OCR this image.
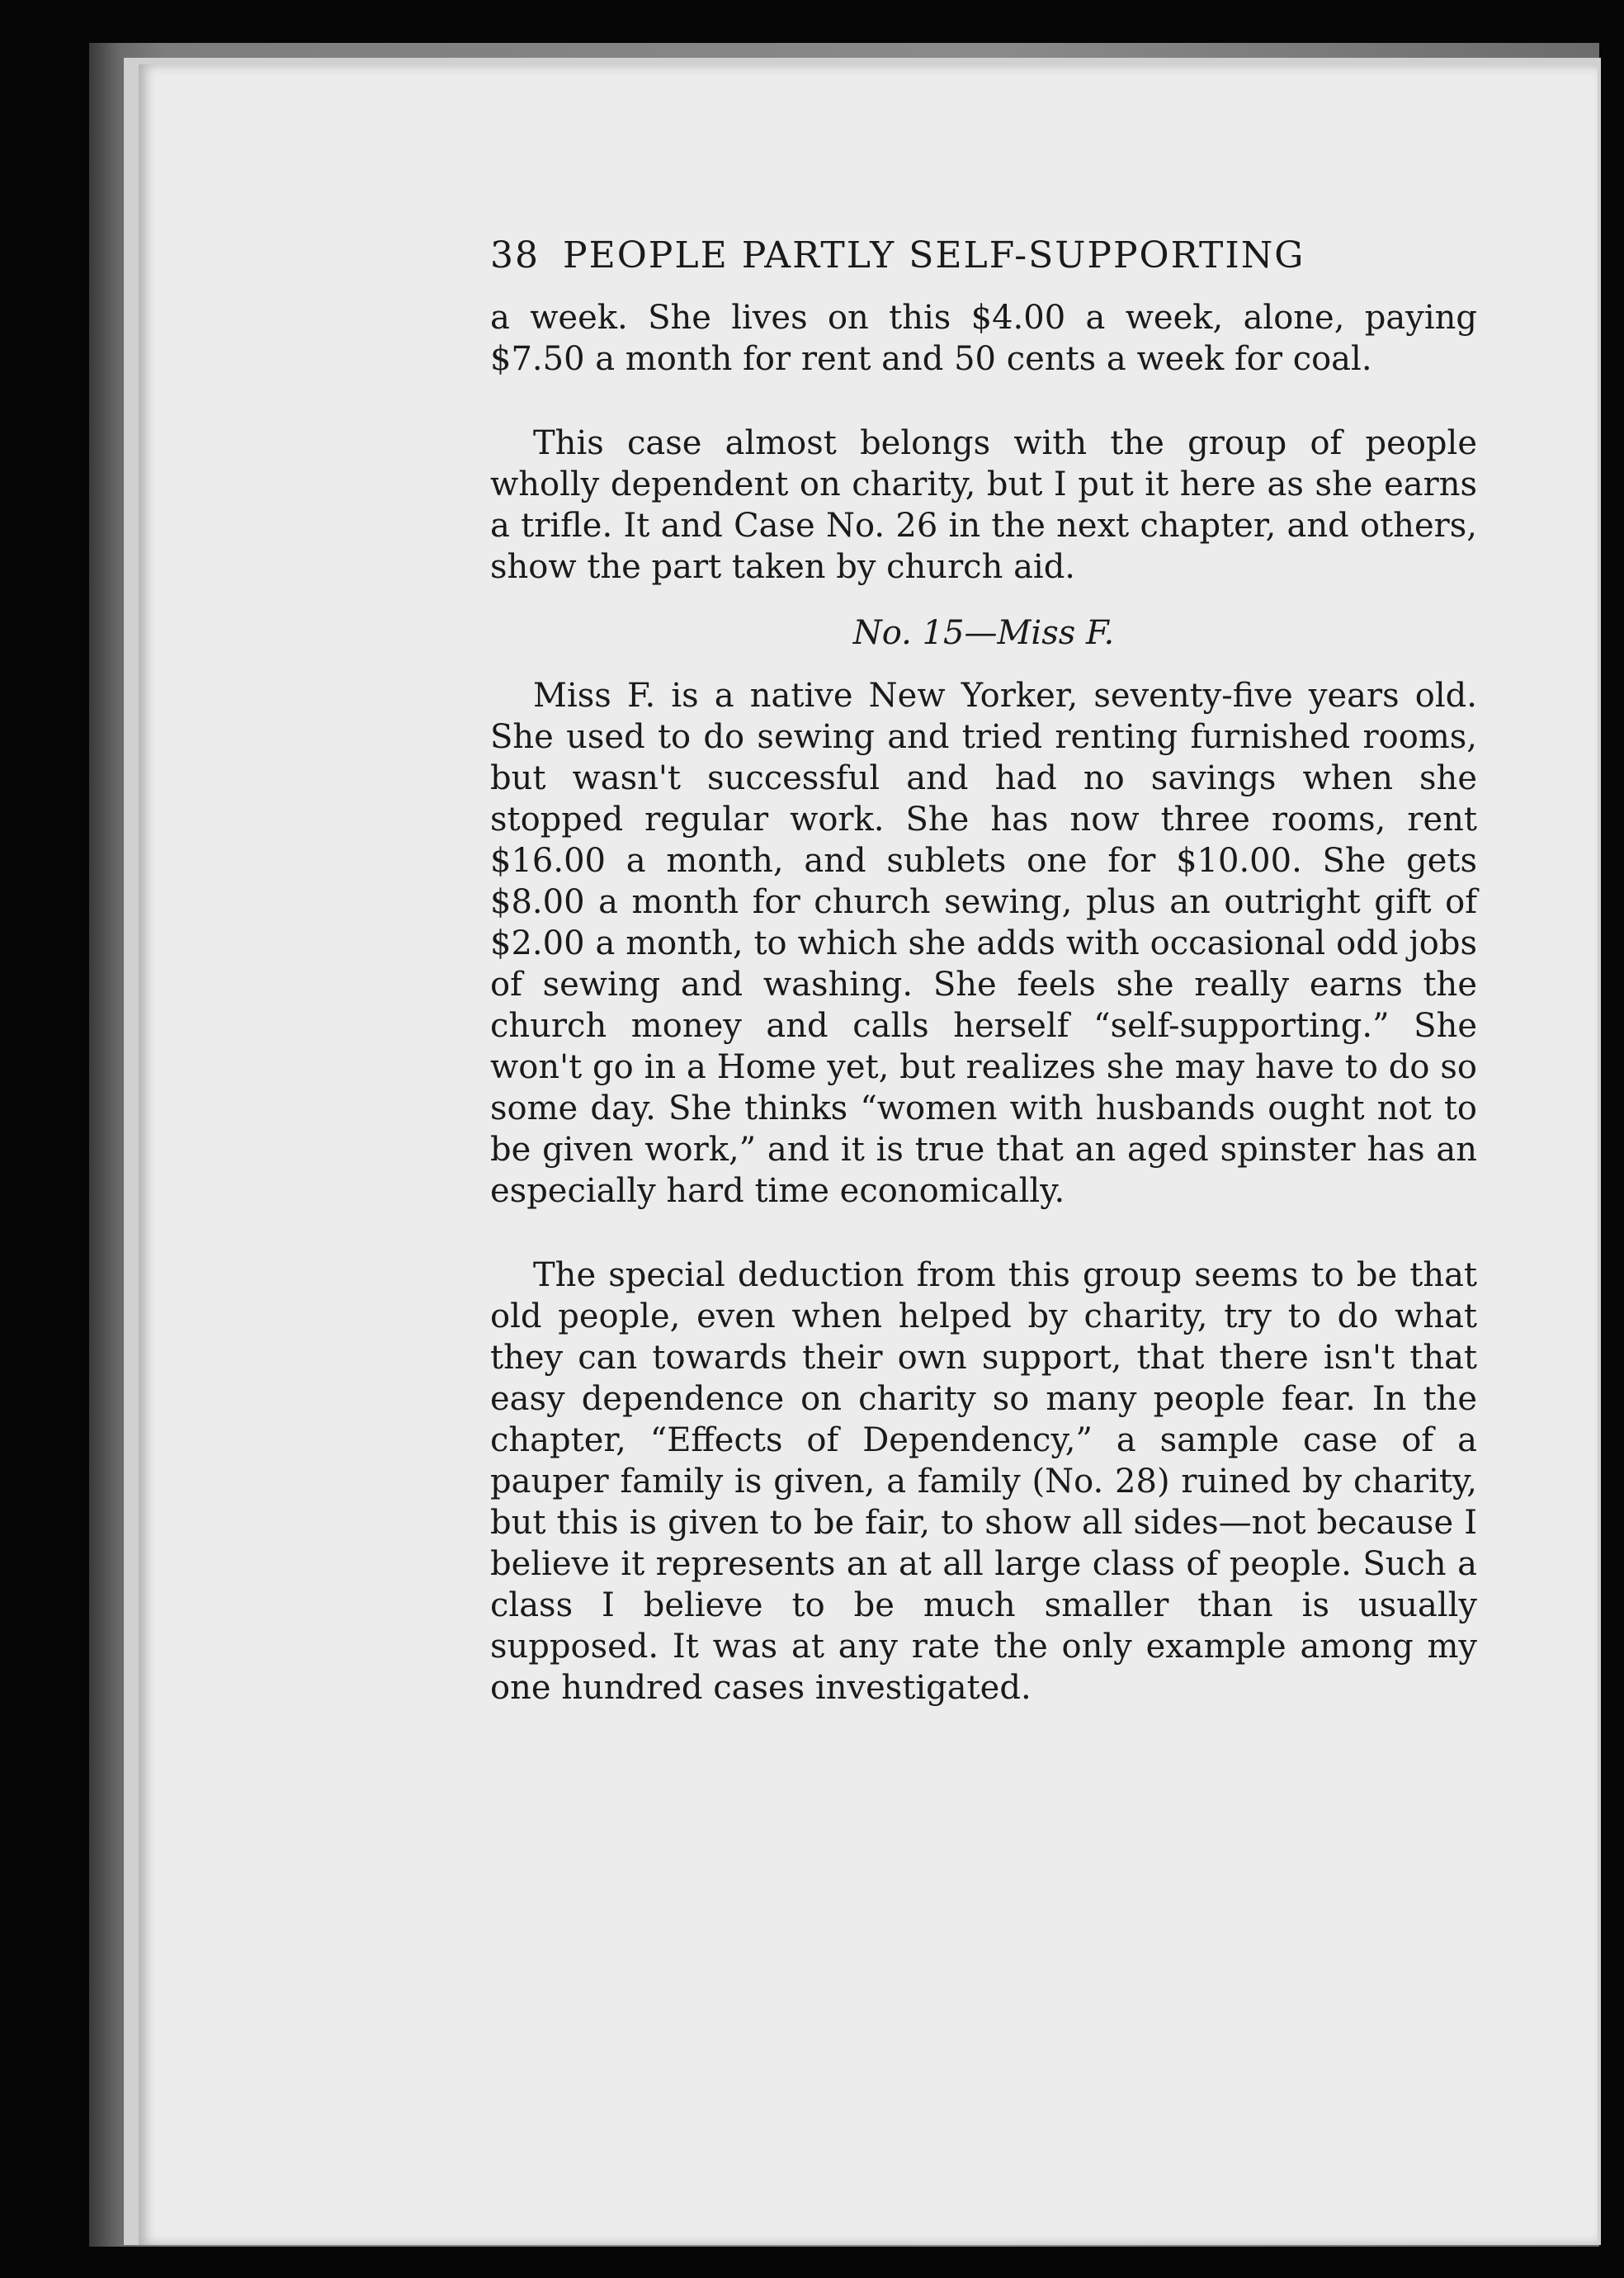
38 PEOPLE PARTLY SELF-SUPPORTING

a week. She lives on this $4.00 a week, alone, paying $7.50 a month for rent and 50 cents a week for coal.

This case almost belongs with the group of people wholly dependent on charity, but I put it here as she earns a trifle. It and Case No. 26 in the next chapter, and others, show the part taken by church aid.

No. 15—Miss F.

Miss F. is a native New Yorker, seventy-five years old. She used to do sewing and tried renting furnished rooms, but wasn't successful and had no savings when she stopped regular work. She has now three rooms, rent $16.00 a month, and sublets one for $10.00. She gets $8.00 a month for church sewing, plus an outright gift of $2.00 a month, to which she adds with occasional odd jobs of sewing and washing. She feels she really earns the church money and calls herself “self-supporting.” She won't go in a Home yet, but realizes she may have to do so some day. She thinks “women with husbands ought not to be given work,” and it is true that an aged spinster has an especially hard time economically.

The special deduction from this group seems to be that old people, even when helped by charity, try to do what they can towards their own support, that there isn't that easy dependence on charity so many people fear. In the chapter, “Effects of Dependency,” a sample case of a pauper family is given, a family (No. 28) ruined by charity, but this is given to be fair, to show all sides—not because I believe it represents an at all large class of people. Such a class I believe to be much smaller than is usually supposed. It was at any rate the only example among my one hundred cases investigated.
